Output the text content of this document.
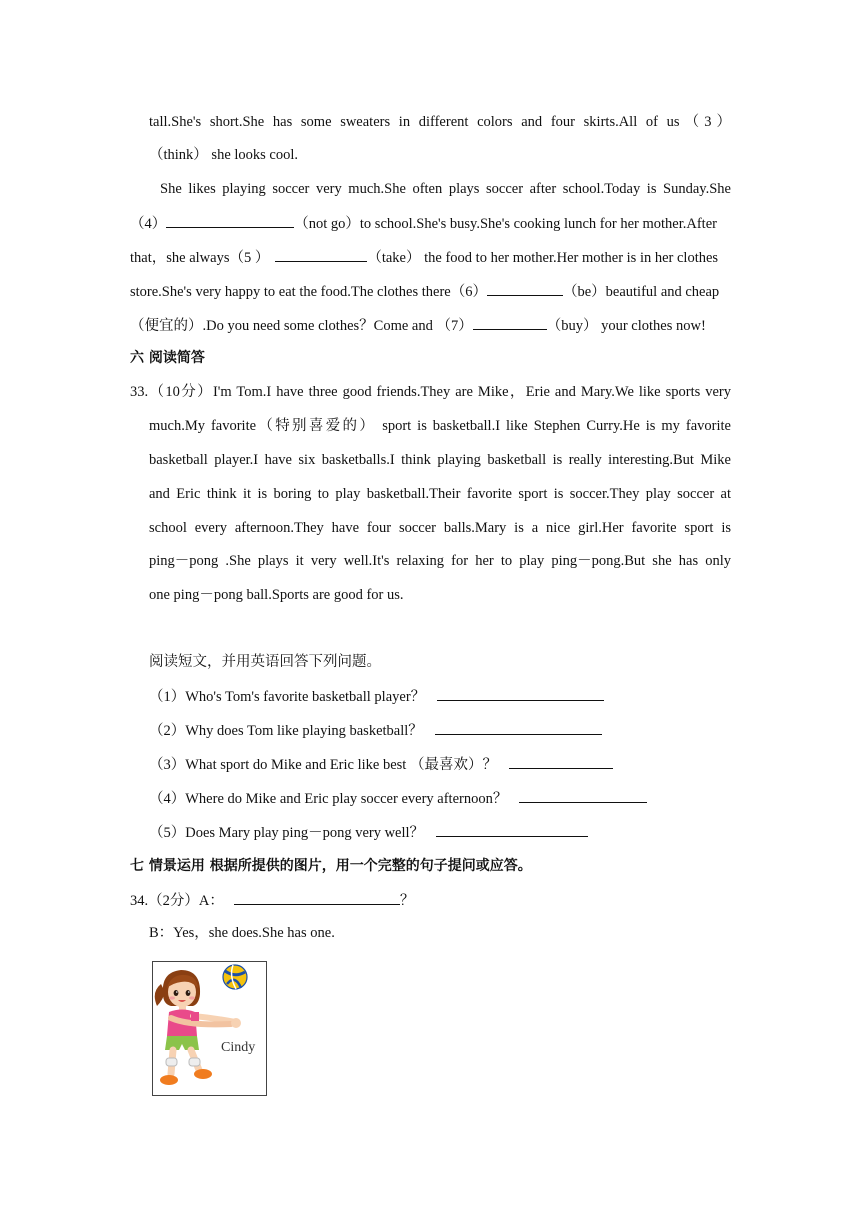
tall.She's short.She has some sweaters in different colors and four skirts.All of us（3）
（think） she looks cool.
She likes playing soccer very much.She often plays soccer after school.Today is Sunday.She
（4）	（not go）to school.She's busy.She's cooking lunch for her mother.After
that，she always（5 ）	（take） the food to her mother.Her mother is in her clothes
store.She's very happy to eat the food.The clothes there（6）	（be）beautiful and cheap
（便宜的）.Do you need some clothes？Come and （7）	（buy） your clothes now!
六 阅读简答
33.（10分）I'm Tom.I have three good friends.They are Mike，Erie and Mary.We like sports very
much.My favorite（特别喜爱的） sport is basketball.I like Stephen Curry.He is my favorite
basketball player.I have six basketballs.I think playing basketball is really interesting.But Mike
and Eric think it is boring to play basketball.Their favorite sport is soccer.They play soccer at
school every afternoon.They have four soccer balls.Mary is a nice girl.Her favorite sport is
ping－pong .She plays it very well.It's relaxing for her to play ping－pong.But she has only
one ping－pong ball.Sports are good for us.
阅读短文，并用英语回答下列问题。
（1）Who's Tom's favorite basketball player？
（2）Why does Tom like playing basketball？
（3）What sport do Mike and Eric like best （最喜欢）？
（4）Where do Mike and Eric play soccer every afternoon？
（5）Does Mary play ping－pong very well？
七 情景运用 根据所提供的图片，用一个完整的句子提问或应答。
34.（2分）A：	？
B：Yes，she does.She has one.
Cindy
